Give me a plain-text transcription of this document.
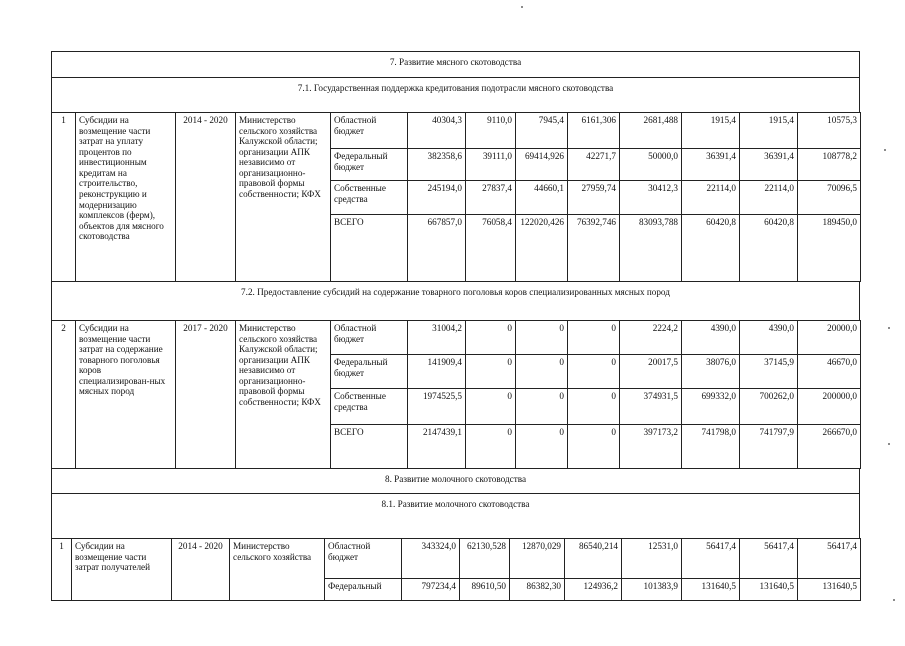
7. Развитие мясного скотоводства
7.1. Государственная поддержка кредитования подотрасли мясного скотоводства
1	Субсидии на возмещение части затрат на уплату процентов по инвестиционным кредитам на строительство, реконструкцию и модернизацию комплексов (ферм), объектов для мясного скотоводства	2014 - 2020	Министерство сельского хозяйства Калужской области; организации АПК независимо от организационно-правовой формы собственности; КФХ	Областной бюджет	40304,3	9110,0	7945,4	6161,306	2681,488	1915,4	1915,4	10575,3
				Федеральный бюджет	382358,6	39111,0	69414,926	42271,7	50000,0	36391,4	36391,4	108778,2
				Собственные средства	245194,0	27837,4	44660,1	27959,74	30412,3	22114,0	22114,0	70096,5
				ВСЕГО	667857,0	76058,4	122020,426	76392,746	83093,788	60420,8	60420,8	189450,0
7.2. Предоставление субсидий на содержание товарного поголовья коров специализированных мясных пород
2	Субсидии на возмещение части затрат на содержание товарного поголовья коров специализирован-ных мясных пород	2017 - 2020	Министерство сельского хозяйства Калужской области; организации АПК независимо от организационно-правовой формы собственности; КФХ	Областной бюджет	31004,2	0	0	0	2224,2	4390,0	4390,0	20000,0
				Федеральный бюджет	141909,4	0	0	0	20017,5	38076,0	37145,9	46670,0
				Собственные средства	1974525,5	0	0	0	374931,5	699332,0	700262,0	200000,0
				ВСЕГО	2147439,1	0	0	0	397173,2	741798,0	741797,9	266670,0
8. Развитие молочного скотоводства
8.1. Развитие молочного скотоводства
1	Субсидии на возмещение части затрат получателей	2014 - 2020	Министерство сельского хозяйства	Областной бюджет	343324,0	62130,528	12870,029	86540,214	12531,0	56417,4	56417,4	56417,4
				Федеральный	797234,4	89610,50	86382,30	124936,2	101383,9	131640,5	131640,5	131640,5
